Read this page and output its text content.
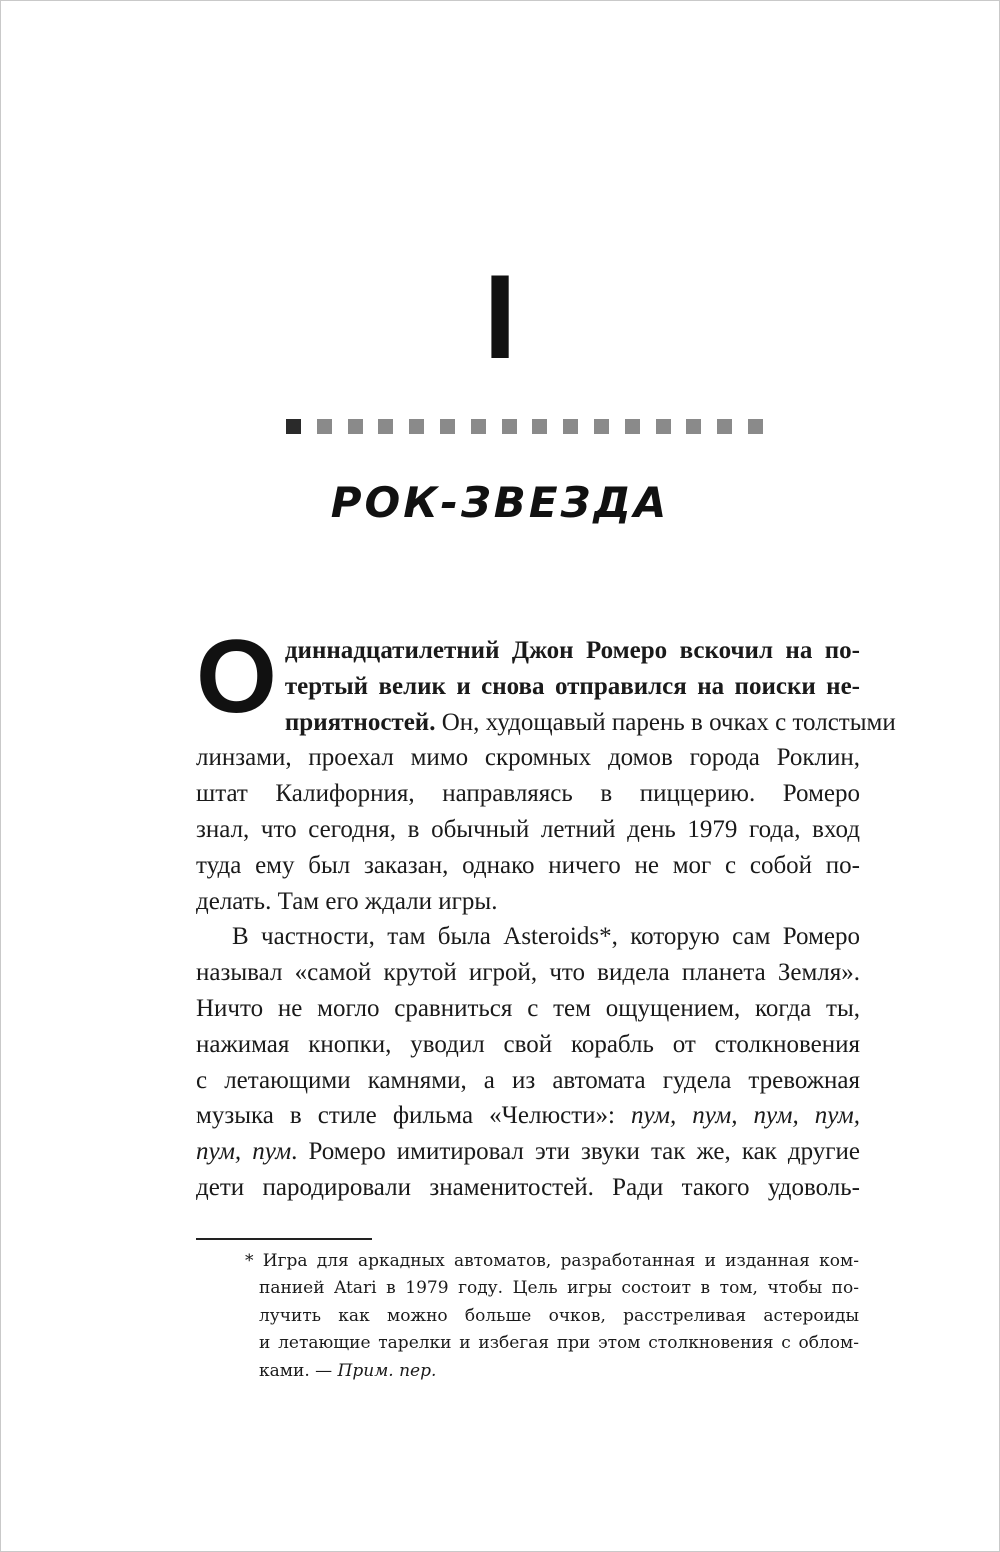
I
РОК-ЗВЕЗДА

О диннадцатилетний Джон Ромеро вскочил на по-
тертый велик и снова отправился на поиски не-
приятностей. Он, худощавый парень в очках с толстыми
линзами, проехал мимо скромных домов города Роклин,
штат Калифорния, направляясь в пиццерию. Ромеро
знал, что сегодня, в обычный летний день 1979 года, вход
туда ему был заказан, однако ничего не мог с собой по-
делать. Там его ждали игры.

В частности, там была Asteroids*, которую сам Ромеро
называл «самой крутой игрой, что видела планета Земля».
Ничто не могло сравниться с тем ощущением, когда ты,
нажимая кнопки, уводил свой корабль от столкновения
с летающими камнями, а из автомата гудела тревожная
музыка в стиле фильма «Челюсти»: пум, пум, пум, пум,
пум, пум. Ромеро имитировал эти звуки так же, как другие
дети пародировали знаменитостей. Ради такого удоволь-

* Игра для аркадных автоматов, разработанная и изданная ком-
панией Atari в 1979 году. Цель игры состоит в том, чтобы по-
лучить как можно больше очков, расстреливая астероиды
и летающие тарелки и избегая при этом столкновения с облом-
ками. — Прим. пер.
